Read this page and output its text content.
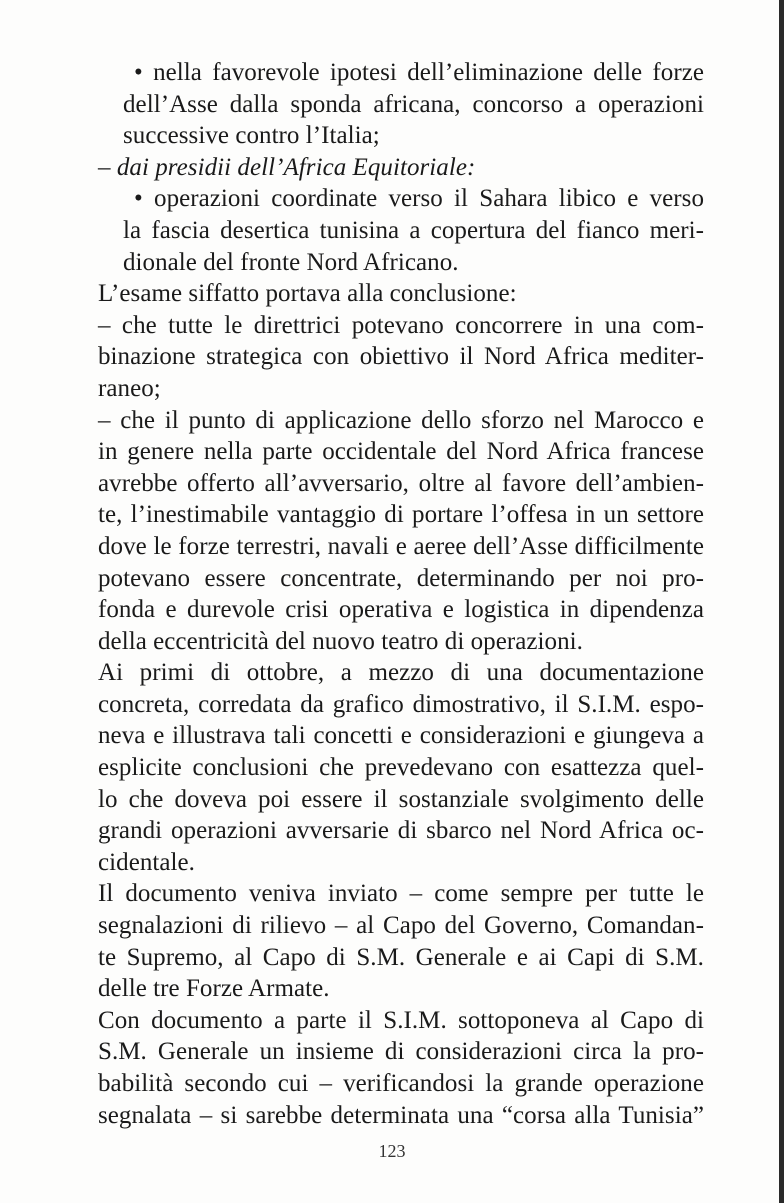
• nella favorevole ipotesi dell’eliminazione delle forze
dell’Asse dalla sponda africana, concorso a operazioni
successive contro l’Italia;
– dai presidii dell’Africa Equitoriale:
• operazioni coordinate verso il Sahara libico e verso
la fascia desertica tunisina a copertura del fianco meri-
dionale del fronte Nord Africano.
L’esame siffatto portava alla conclusione:
– che tutte le direttrici potevano concorrere in una com-
binazione strategica con obiettivo il Nord Africa mediter-
raneo;
– che il punto di applicazione dello sforzo nel Marocco e
in genere nella parte occidentale del Nord Africa francese
avrebbe offerto all’avversario, oltre al favore dell’ambien-
te, l’inestimabile vantaggio di portare l’offesa in un settore
dove le forze terrestri, navali e aeree dell’Asse difficilmente
potevano essere concentrate, determinando per noi pro-
fonda e durevole crisi operativa e logistica in dipendenza
della eccentricità del nuovo teatro di operazioni.
Ai primi di ottobre, a mezzo di una documentazione
concreta, corredata da grafico dimostrativo, il S.I.M. espo-
neva e illustrava tali concetti e considerazioni e giungeva a
esplicite conclusioni che prevedevano con esattezza quel-
lo che doveva poi essere il sostanziale svolgimento delle
grandi operazioni avversarie di sbarco nel Nord Africa oc-
cidentale.
Il documento veniva inviato – come sempre per tutte le
segnalazioni di rilievo – al Capo del Governo, Comandan-
te Supremo, al Capo di S.M. Generale e ai Capi di S.M.
delle tre Forze Armate.
Con documento a parte il S.I.M. sottoponeva al Capo di
S.M. Generale un insieme di considerazioni circa la pro-
babilità secondo cui – verificandosi la grande operazione
segnalata – si sarebbe determinata una “corsa alla Tunisia”
123
